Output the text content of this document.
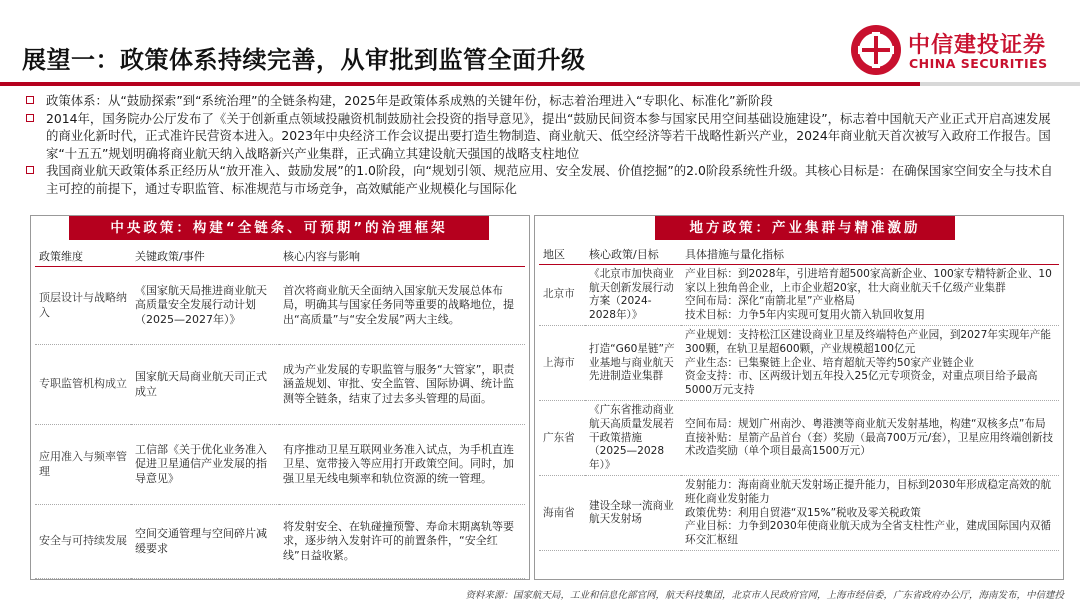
展望一：政策体系持续完善，从审批到监管全面升级
中信建投证券
CHINA SECURITIES
政策体系：从“鼓励探索”到“系统治理”的全链条构建，2025年是政策体系成熟的关键年份，标志着治理进入“专职化、标准化”新阶段
2014年，国务院办公厅发布了《关于创新重点领域投融资机制鼓励社会投资的指导意见》，提出“鼓励民间资本参与国家民用空间基础设施建设”，标志着中国航天产业正式开启高速发展的商业化新时代，正式准许民营资本进入。2023年中央经济工作会议提出要打造生物制造、商业航天、低空经济等若干战略性新兴产业，2024年商业航天首次被写入政府工作报告。国家“十五五”规划明确将商业航天纳入战略新兴产业集群，正式确立其建设航天强国的战略支柱地位
我国商业航天政策体系正经历从“放开准入、鼓励发展”的1.0阶段，向“规划引领、规范应用、安全发展、价值挖掘”的2.0阶段系统性升级。其核心目标是：在确保国家空间安全与技术自主可控的前提下，通过专职监管、标准规范与市场竞争，高效赋能产业规模化与国际化
中央政策：构建“全链条、可预期”的治理框架
政策维度	关键政策/事件	核心内容与影响
顶层设计与战略纳入	《国家航天局推进商业航天高质量安全发展行动计划（2025—2027年）》	首次将商业航天全面纳入国家航天发展总体布局，明确其与国家任务同等重要的战略地位，提出“高质量”与“安全发展”两大主线。
专职监管机构成立	国家航天局商业航天司正式成立	成为产业发展的专职监管与服务“大管家”，职责涵盖规划、审批、安全监管、国际协调、统计监测等全链条，结束了过去多头管理的局面。
应用准入与频率管理	工信部《关于优化业务准入促进卫星通信产业发展的指导意见》	有序推动卫星互联网业务准入试点，为手机直连卫星、宽带接入等应用打开政策空间。同时，加强卫星无线电频率和轨位资源的统一管理。
安全与可持续发展	空间交通管理与空间碎片减缓要求	将发射安全、在轨碰撞预警、寿命末期离轨等要求，逐步纳入发射许可的前置条件，“安全红线”日益收紧。
地方政策：产业集群与精准激励
地区	核心政策/目标	具体措施与量化指标
北京市	《北京市加快商业航天创新发展行动方案（2024-2028年）》	产业目标：到2028年，引进培育超500家高新企业、100家专精特新企业、10家以上独角兽企业，上市企业超20家，壮大商业航天千亿级产业集群
空间布局：深化“南箭北星”产业格局
技术目标：力争5年内实现可复用火箭入轨回收复用
上海市	打造“G60星链”产业基地与商业航天先进制造业集群	产业规划：支持松江区建设商业卫星及终端特色产业园，到2027年实现年产能300颗，在轨卫星超600颗，产业规模超100亿元
产业生态：已集聚链上企业、培育超航天等约50家产业链企业
资金支持：市、区两级计划五年投入25亿元专项资金，对重点项目给予最高5000万元支持
广东省	《广东省推动商业航天高质量发展若干政策措施（2025—2028年）》	空间布局：规划广州南沙、粤港澳等商业航天发射基地，构建“双核多点”布局
直接补贴：星箭产品首台（套）奖励（最高700万元/套），卫星应用终端创新技术改造奖励（单个项目最高1500万元）
海南省	建设全球一流商业航天发射场	发射能力：海南商业航天发射场正提升能力，目标到2030年形成稳定高效的航班化商业发射能力
政策优势：利用自贸港“双15%”税收及零关税政策
产业目标：力争到2030年使商业航天成为全省支柱性产业，建成国际国内双循环交汇枢纽
资料来源：国家航天局，工业和信息化部官网，航天科技集团，北京市人民政府官网，上海市经信委，广东省政府办公厅，海南发布，中信建投
